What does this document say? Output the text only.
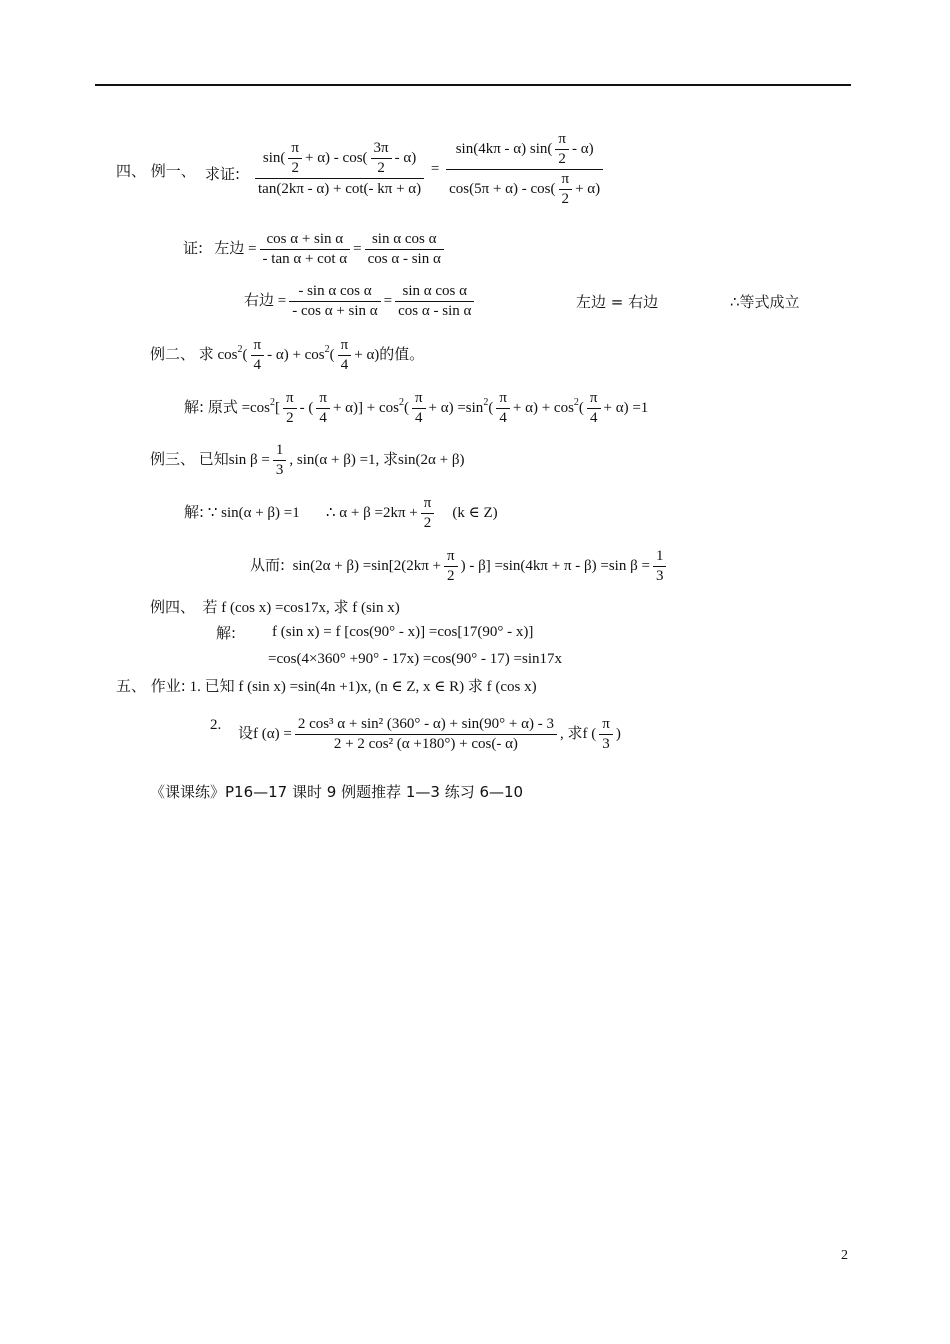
四、 例一、 求证: $\frac{\sin( \frac{\pi}{2} + \alpha) - \cos( \frac{3\pi}{2} - \alpha)}{\tan(2k\pi - \alpha) + \cot(- k\pi + \alpha)} = \frac{\sin(4k\pi - \alpha) \sin( \frac{\pi}{2} - \alpha)}{\cos(5\pi + \alpha) - \cos( \frac{\pi}{2} + \alpha)}$
证: 左边 = $\frac{\text{cos α + sin α}}{\text{- tan α + cot α}} = \frac{\text{sin α cos α}}{\text{cos α - sin α}}$
右边 = $\frac{\text{- sin α cos α}}{\text{- cos α + sin α}} = \frac{\text{sin α cos α}}{\text{cos α - sin α}}$	左边 = 右边	∴等式成立
例二、 求 $\cos^2( \frac{\pi}{4} - \alpha) + \cos^2( \frac{\pi}{4} + \alpha)$的值。
解: 原式 $=\cos^2[ \frac{\pi}{2}$ - ( $\frac{\pi}{4} + \alpha)] + \cos^2( \frac{\pi}{4} + \alpha) =\sin^2( \frac{\pi}{4} + \alpha) + \cos^2( \frac{\pi}{4} + \alpha) =1$
例三、 已知$\sin \beta = \frac{1}{3}$ , sin(α + β) =1, 求sin(2α + β)
解: ∵ sin(α + β) =1 ∴ $\alpha + \beta =2k\pi + \frac{\pi}{2} (k$ ∈ Z)
从而: $\sin(2\alpha + \beta) =\sin[2(2k\pi + \frac{\pi}{2}$ ) - β] =sin(4kπ + π - β) =sin $\beta = \frac{1}{3}$
例四、 若 f (cos x) =cos17x, 求 f (sin x)
解: f (sin x) = f [cos(90° - x)] =cos[17(90° - x)]
=cos(4×360° +90° - 17x) =cos(90° - 17) =sin17x
五、 作业: 1. 已知 f (sin x) =sin(4n +1)x, (n ∈ Z, x ∈ R) 求 f (cos x)
2.
设f $(\alpha) = \frac{\text{2 cos³ α + sin² (360° - α) + sin(90° + α) - 3}}{\text{2 + 2 cos² (α +180°) + cos(- α)}}$ , 求f ( $\frac{\pi}{3}$ )
《课课练》P16—17 课时 9 例题推荐 1—3 练习 6—10
2
